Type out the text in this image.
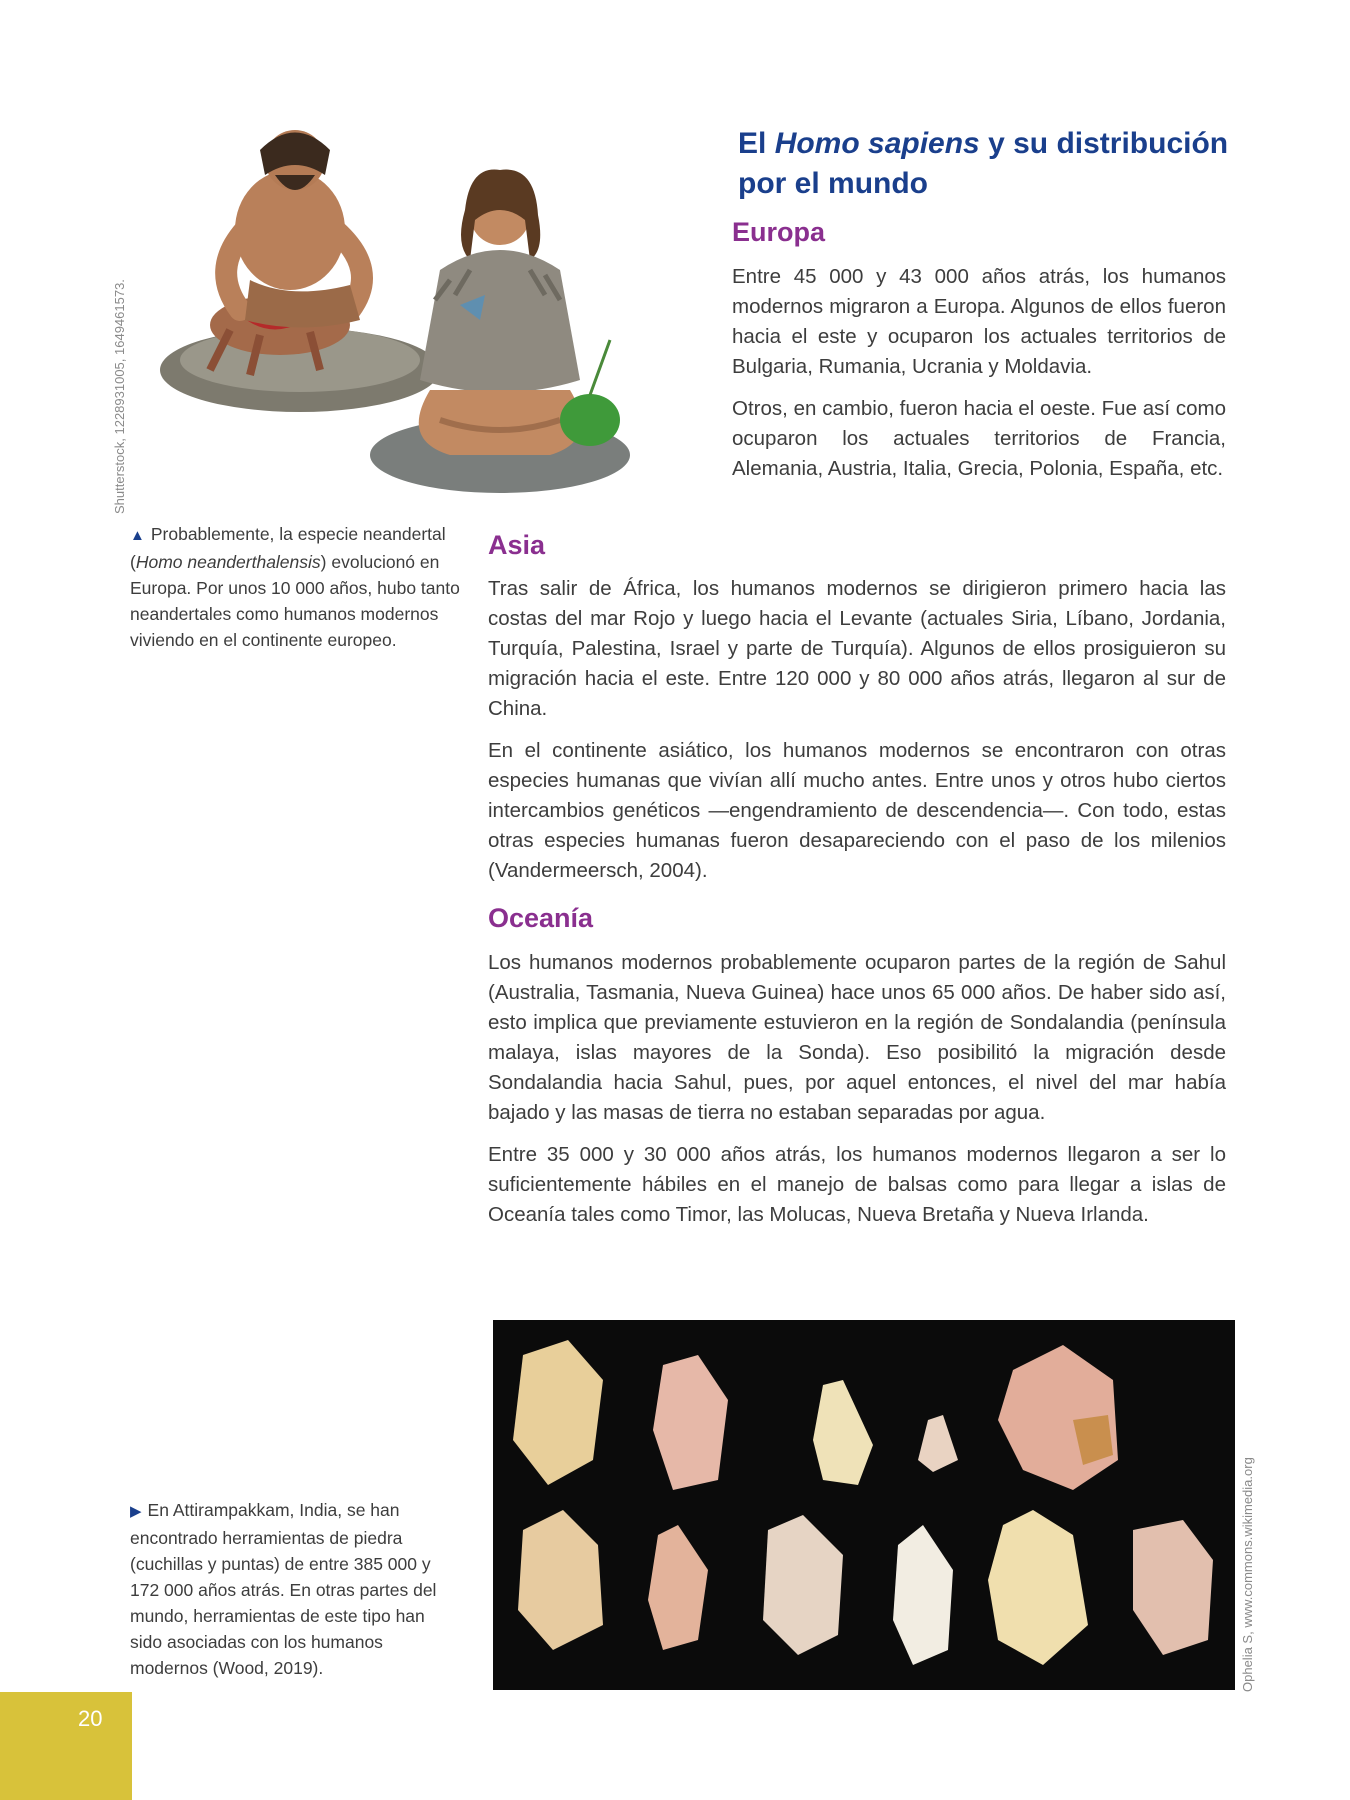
Shutterstock, 1228931005, 1649461573.
El Homo sapiens y su distribución por el mundo
Europa

Entre 45 000 y 43 000 años atrás, los humanos modernos migraron a Europa. Algunos de ellos fueron hacia el este y ocuparon los actuales territorios de Bulgaria, Rumania, Ucrania y Moldavia.

Otros, en cambio, fueron hacia el oeste. Fue así como ocuparon los actuales territorios de Francia, Alemania, Austria, Italia, Grecia, Polonia, España, etc.

▲ Probablemente, la especie neandertal (Homo neanderthalensis) evolucionó en Europa. Por unos 10 000 años, hubo tanto neandertales como humanos modernos viviendo en el continente europeo.

Asia

Tras salir de África, los humanos modernos se dirigieron primero hacia las costas del mar Rojo y luego hacia el Levante (actuales Siria, Líbano, Jordania, Turquía, Palestina, Israel y parte de Turquía). Algunos de ellos prosiguieron su migración hacia el este. Entre 120 000 y 80 000 años atrás, llegaron al sur de China.

En el continente asiático, los humanos modernos se encontraron con otras especies humanas que vivían allí mucho antes. Entre unos y otros hubo ciertos intercambios genéticos —engendramiento de descendencia—. Con todo, estas otras especies humanas fueron desapareciendo con el paso de los milenios (Vandermeersch, 2004).

Oceanía

Los humanos modernos probablemente ocuparon partes de la región de Sahul (Australia, Tasmania, Nueva Guinea) hace unos 65 000 años. De haber sido así, esto implica que previamente estuvieron en la región de Sondalandia (península malaya, islas mayores de la Sonda). Eso posibilitó la migración desde Sondalandia hacia Sahul, pues, por aquel entonces, el nivel del mar había bajado y las masas de tierra no estaban separadas por agua.

Entre 35 000 y 30 000 años atrás, los humanos modernos llegaron a ser lo suficientemente hábiles en el manejo de balsas como para llegar a islas de Oceanía tales como Timor, las Molucas, Nueva Bretaña y Nueva Irlanda.

Ophelia S, www.commons.wikimedia.org

▶ En Attirampakkam, India, se han encontrado herramientas de piedra (cuchillas y puntas) de entre 385 000 y 172 000 años atrás. En otras partes del mundo, herramientas de este tipo han sido asociadas con los humanos modernos (Wood, 2019).

20
